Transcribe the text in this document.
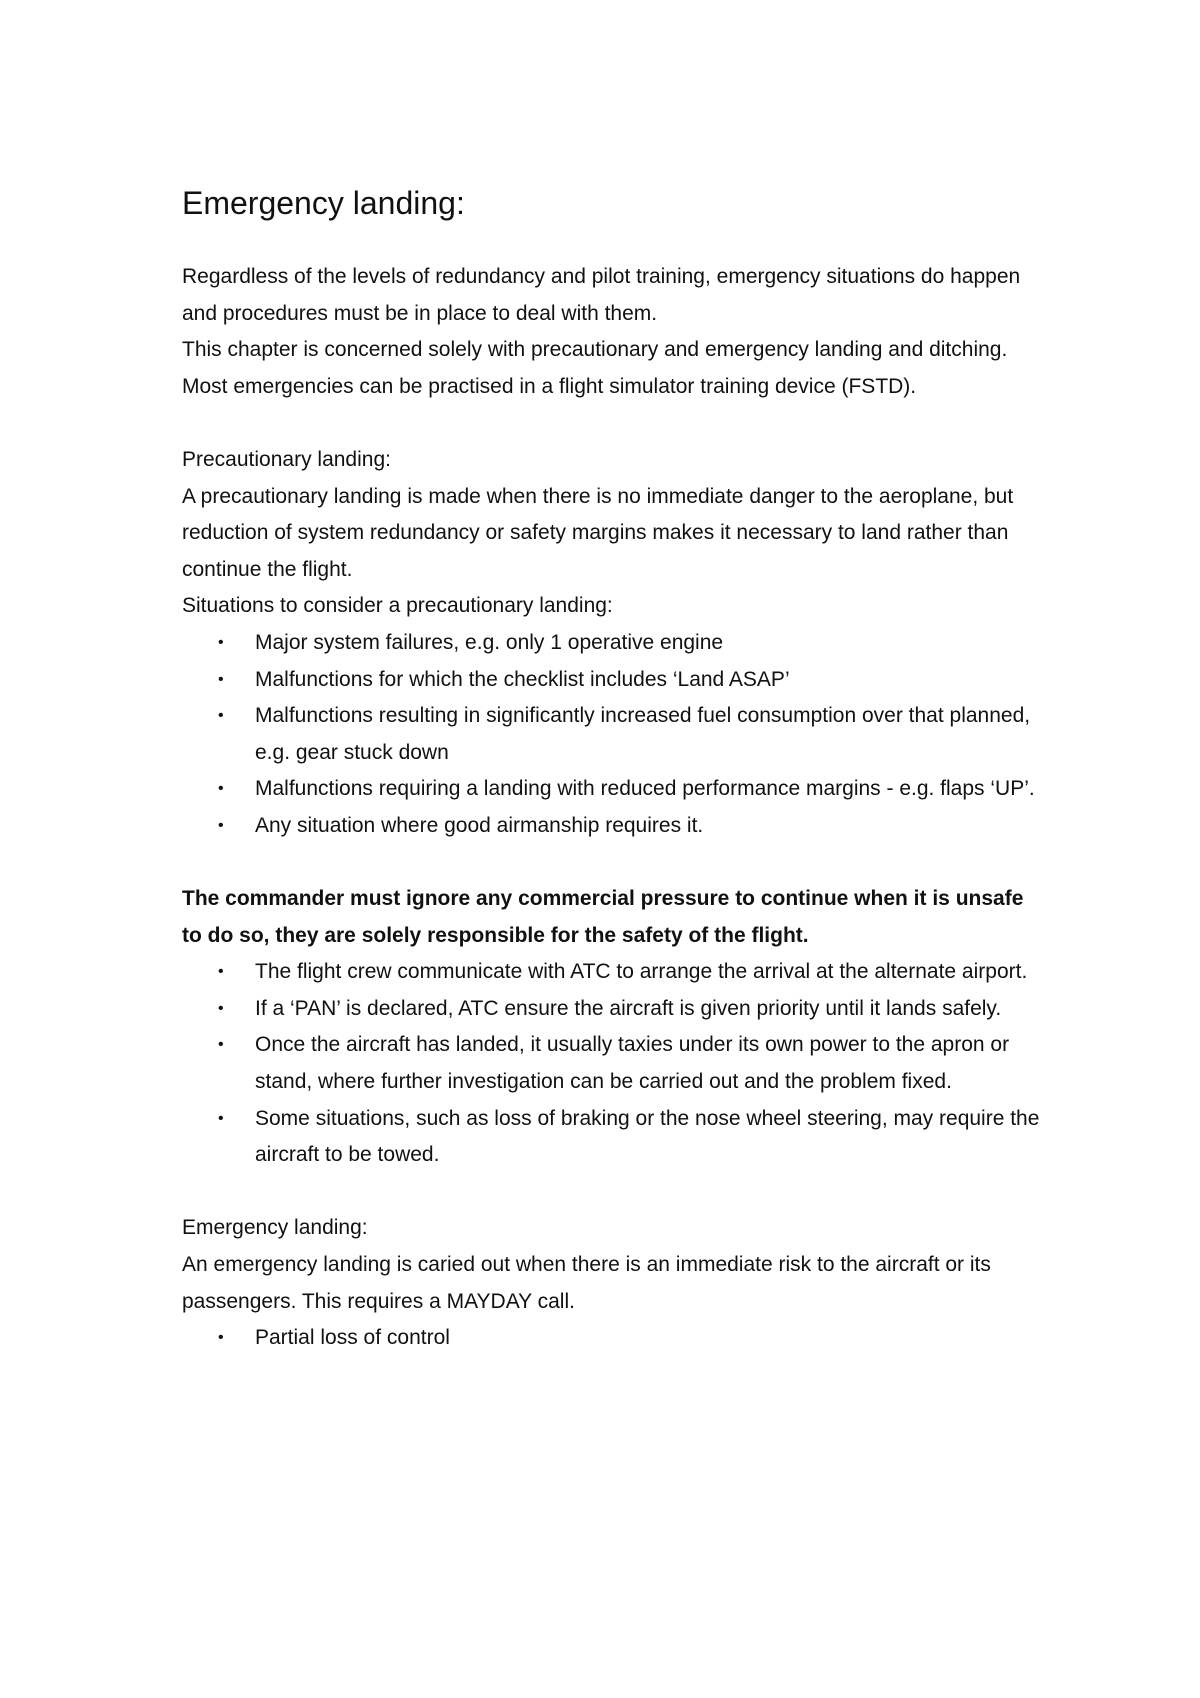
Emergency landing:

Regardless of the levels of redundancy and pilot training, emergency situations do happen and procedures must be in place to deal with them.

This chapter is concerned solely with precautionary and emergency landing and ditching.

Most emergencies can be practised in a flight simulator training device (FSTD).

Precautionary landing:

A precautionary landing is made when there is no immediate danger to the aeroplane, but reduction of system redundancy or safety margins makes it necessary to land rather than continue the flight.

Situations to consider a precautionary landing:

• Major system failures, e.g. only 1 operative engine
• Malfunctions for which the checklist includes ‘Land ASAP’
• Malfunctions resulting in significantly increased fuel consumption over that planned, e.g. gear stuck down
• Malfunctions requiring a landing with reduced performance margins - e.g. flaps ‘UP’.
• Any situation where good airmanship requires it.

The commander must ignore any commercial pressure to continue when it is unsafe to do so, they are solely responsible for the safety of the flight.

• The flight crew communicate with ATC to arrange the arrival at the alternate airport.
• If a ‘PAN’ is declared, ATC ensure the aircraft is given priority until it lands safely.
• Once the aircraft has landed, it usually taxies under its own power to the apron or stand, where further investigation can be carried out and the problem fixed.
• Some situations, such as loss of braking or the nose wheel steering, may require the aircraft to be towed.

Emergency landing:

An emergency landing is caried out when there is an immediate risk to the aircraft or its passengers. This requires a MAYDAY call.

• Partial loss of control
